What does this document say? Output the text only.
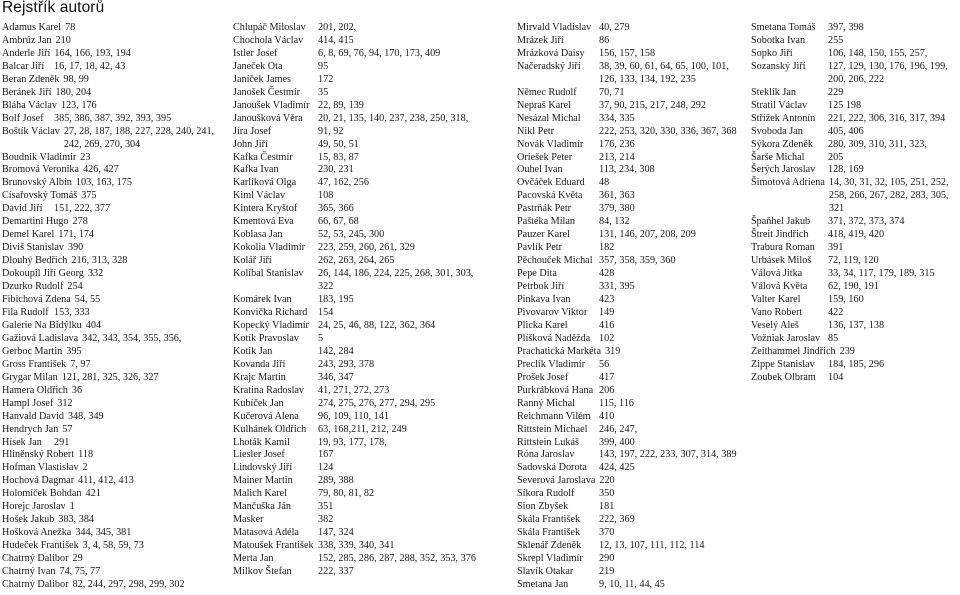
Rejstřík autorů
Adamus Karel 78
Ambrúz Jan 210
Anderle Jiří 164, 166, 193, 194
Balcar Jiří 16, 17, 18, 42, 43
Beran Zdeněk 98, 99
Beránek Jiří 180, 204
Bláha Václav 123, 176
Bolf Josef	385, 386, 387, 392, 393, 395
Boštík Václav 27, 28, 187, 188, 227, 228, 240, 241, 242, 269, 270, 304
Boudník Vladimír 23
Bromová Veronika 426, 427
Brunovský Albín 103, 163, 175
Císařovský Tomáš 375
David Jiří	151, 222, 377
Demartini Hugo 278
Demel Karel 171, 174
Diviš Stanislav 390
Dlouhý Bedřich 216, 313, 328
Dokoupil Jiří Georg 332
Dzurko Rudolf 254
Fibichová Zdena 54, 55
Fila Rudolf 153, 333
Galerie Na Bidýlku 404
Gažiová Ladislava 342, 343, 354, 355, 356,
Gerboc Martin 395
Gross František 7, 97
Grygar Milan 121, 281, 325, 326, 327
Hamera Oldřich 36
Hampl Josef 312
Hanvald David 348, 349
Hendrych Jan 57
Hísek Jan	291
Hliněnský Robert 118
Hofman Vlastislav 2
Hochová Dagmar 411, 412, 413
Holomíček Bohdan 421
Horejc Jaroslav 1
Hošek Jakub 383, 384
Hošková Anežka 344, 345, 381
Hudeček František 3, 4, 58, 59, 73
Chatrný Dalibor 29
Chatrný Ivan 74, 75, 77
Chatrný Dalibor 82, 244, 297, 298, 299, 302
Chlupáč Miloslav	201, 202,
Chochola Václav	414, 415
Istler Josef	6, 8, 69, 76, 94, 170, 173, 409
Janeček Ota	95
Janíček James	172
Janošek Čestmír	35
Janoušek Vladimír 22, 89, 139
Janoušková Věra	20, 21, 135, 140, 237, 238, 250, 318,
Jíra Josef	91, 92
John Jiří	49, 50, 51
Kafka Čestmír	15, 83, 87
Kafka Ivan	230, 231
Karlíková Olga	47, 162, 256
Kiml Václav	108
Kintera Kryštof	365, 366
Kmentová Eva	66, 67, 68
Koblasa Jan	52, 53, 245, 300
Kokolia Vladimír	223, 259, 260, 261, 329
Kolář Jiří	262, 263, 264, 265
Kolíbal Stanislav	26, 144, 186, 224, 225, 268, 301, 303, 322
Komárek Ivan	183, 195
Konvička Richard	154
Kopecký Vladimír 24, 25, 46, 88, 122, 362, 364
Kotík Pravoslav	5
Kotík Jan	142, 284
Kovanda Jiří	243, 293, 378
Krajc Martin	346, 347
Kratina Radoslav	41, 271, 272, 273
Kubíček Jan	274, 275, 276, 277, 294, 295
Kučerová Alena	96, 109, 110, 141
Kulhánek Oldřich	63, 168,211, 212, 249
Lhoták Kamil	19, 93, 177, 178,
Liesler Josef	167
Lindovský Jiří	124
Mainer Martin	289, 388
Malich Karel	79, 80, 81, 82
Mančuška Ján	351
Masker	382
Matasová Adéla	147, 324
Matoušek František 338, 339, 340, 341
Merta Jan	152, 285, 286, 287, 288, 352, 353, 376
Milkov Štefan	222, 337
Mirvald Vladislav 40, 279
Mrázek Jiří	86
Mrázková Daisy	156, 157, 158
Načeradský Jiří	38, 39, 60, 61, 64, 65, 100, 101, 126, 133, 134, 192, 235
Němec Rudolf	70, 71
Nepraš Karel	37, 90, 215, 217, 248, 292
Nesázal Michal	334, 335
Nikl Petr	222, 253, 320, 330, 336, 367, 368
Novák Vladimír	176, 236
Oriešek Peter	213, 214
Ouhel Ivan	113, 234, 308
Ovčáček Eduard	48
Pacovská Květa	361, 363
Pastrňák Petr	379, 380
Paštéka Milan	84, 132
Pauzer Karel	131, 146, 207, 208, 209
Pavlík Petr	182
Pěchouček Michal 357, 358, 359, 360
Pepe Dita	428
Petrbok Jiří	331, 395
Pinkava Ivan	423
Pivovarov Viktor	149
Plicka Karel	416
Plíšková Naděžda 102
Prachatická Markéta 319
Preclík Vladimír	56
Prošek Josef	417
Purkrábková Hana 206
Ranný Michal	115, 116
Reichmann Vilém 410
Rittstein Michael	246, 247,
Rittstein Lukáš	399, 400
Róna Jaroslav	143, 197, 222, 233, 307, 314, 389
Sadovská Dorota	424, 425
Severová Jaroslava 220
Síkora Rudolf	350
Sion Zbyšek	181
Skála František	222, 369
Skála František	370
Sklenář Zdeněk	12, 13, 107, 111, 112, 114
Skrepl Vladimír	290
Slavík Otakar	219
Smetana Jan	9, 10, 11, 44, 45
Smetana Tomáš	397, 398
Sobotka Ivan	255
Sopko Jiří	106, 148, 150, 155, 257,
Sozanský Jiří	127, 129, 130, 176, 196, 199, 200, 206, 222
Steklík Jan	229
Stratil Václav	125 198
Střížek Antonín	221, 222, 306, 316, 317, 394
Svoboda Jan	405, 406
Sýkora Zdeněk	280, 309, 310, 311, 323,
Šarše Michal	205
Šerých Jaroslav	128, 169
Šimotová Adriena 14, 30, 31, 32, 105, 251, 252, 258, 266, 267, 282, 283, 305, 321
Špaňhel Jakub	371, 372, 373, 374
Štreit Jindřich	418, 419, 420
Trabura Roman	391
Urbásek Miloš	72, 119, 120
Válová Jitka	33, 34, 117, 179, 189, 315
Válová Květa	62, 190, 191
Valter Karel	159, 160
Vano Robert	422
Veselý Aleš	136, 137, 138
Vožniak Jaroslav 85
Zeithammel Jindřich 239
Zippe Stanislav	184, 185, 296
Zoubek Olbram	104
